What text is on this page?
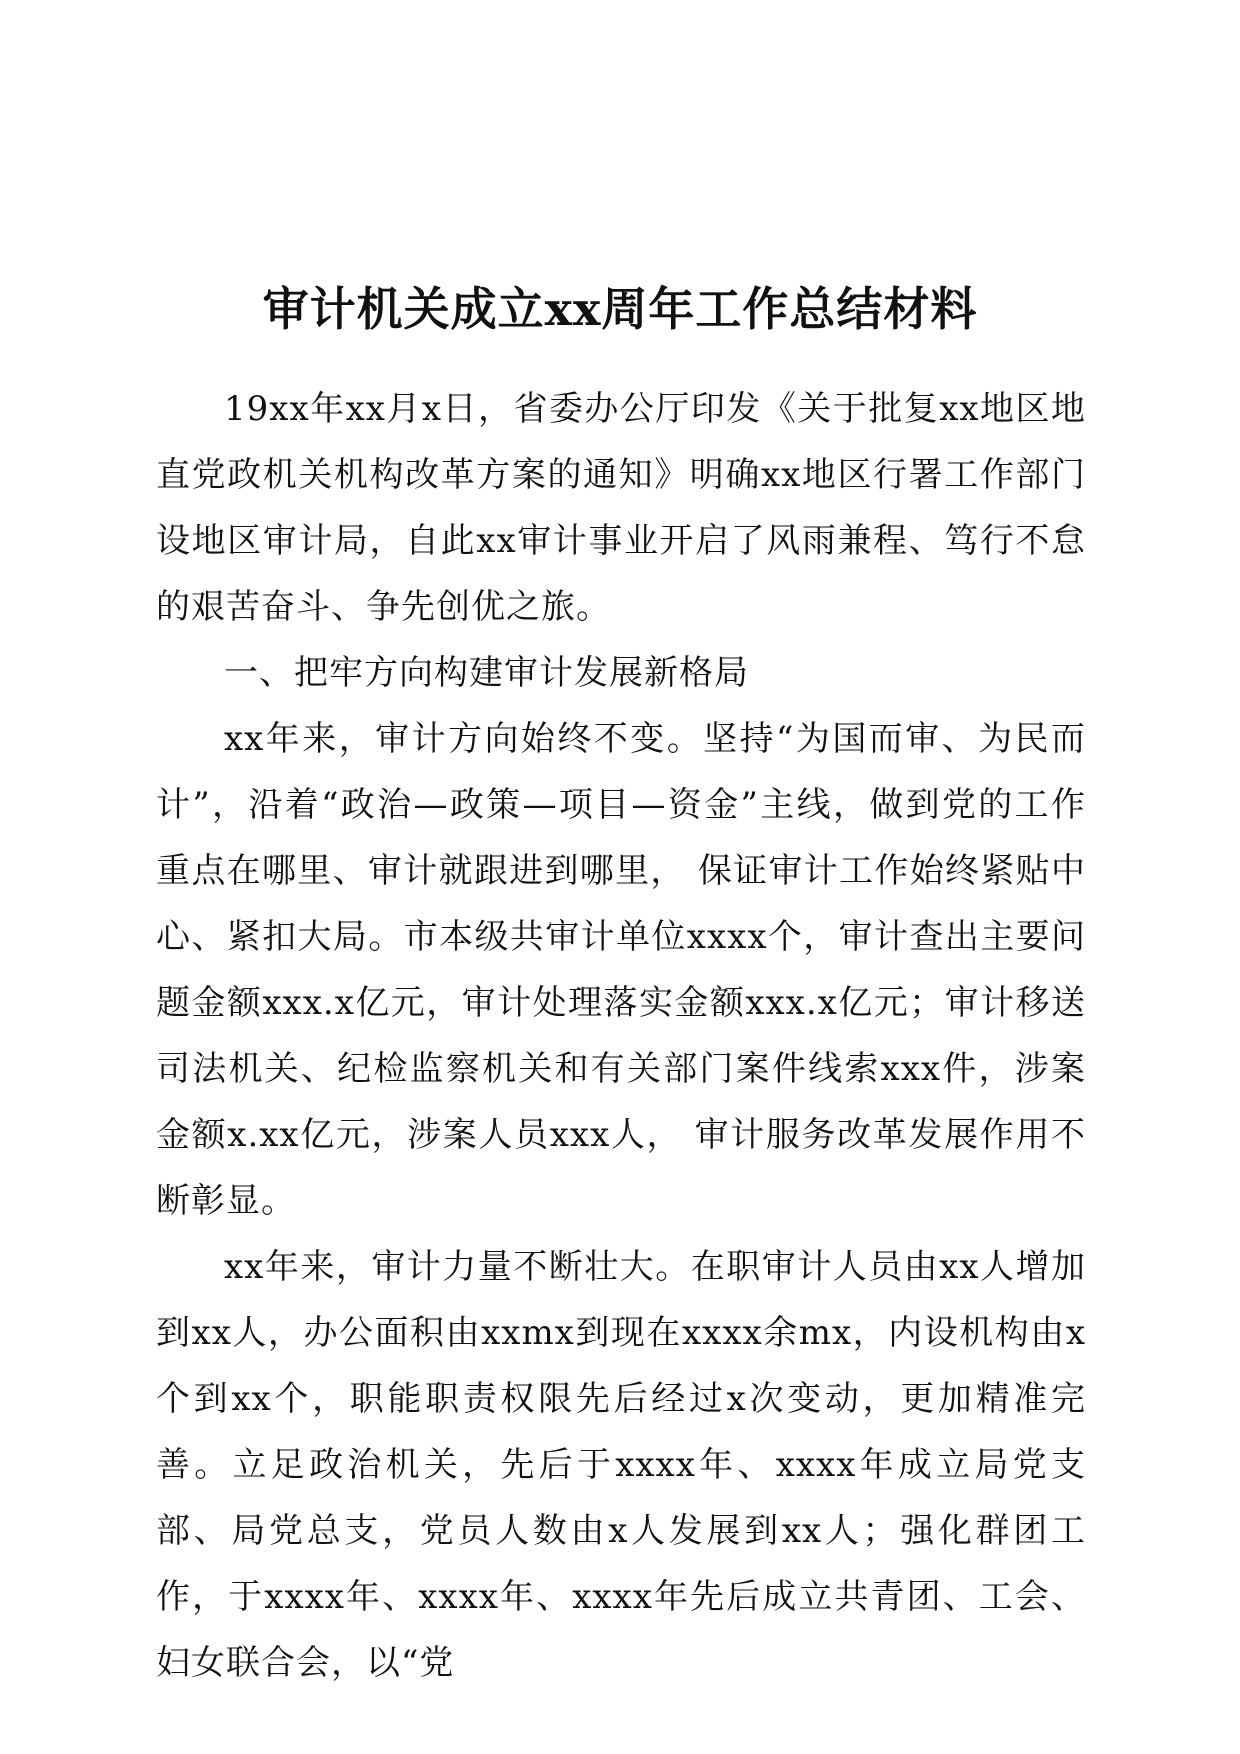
审计机关成立xx周年工作总结材料

19xx年xx月x日，省委办公厅印发《关于批复xx地区地直党政机关机构改革方案的通知》明确xx地区行署工作部门设地区审计局，自此xx审计事业开启了风雨兼程、笃行不怠的艰苦奋斗、争先创优之旅。

一、把牢方向构建审计发展新格局

xx年来，审计方向始终不变。坚持“为国而审、为民而计”，沿着“政治—政策—项目—资金”主线，做到党的工作重点在哪里、审计就跟进到哪里， 保证审计工作始终紧贴中心、紧扣大局。市本级共审计单位xxxx个，审计查出主要问题金额xxx.x亿元，审计处理落实金额xxx.x亿元；审计移送司法机关、纪检监察机关和有关部门案件线索xxx件，涉案金额x.xx亿元，涉案人员xxx人， 审计服务改革发展作用不断彰显。

xx年来，审计力量不断壮大。在职审计人员由xx人增加到xx人，办公面积由xxmx到现在xxxx余mx，内设机构由x个到xx个，职能职责权限先后经过x次变动，更加精准完善。立足政治机关，先后于xxxx年、xxxx年成立局党支部、局党总支，党员人数由x人发展到xx人；强化群团工作，于xxxx年、xxxx年、xxxx年先后成立共青团、工会、妇女联合会，以“党
